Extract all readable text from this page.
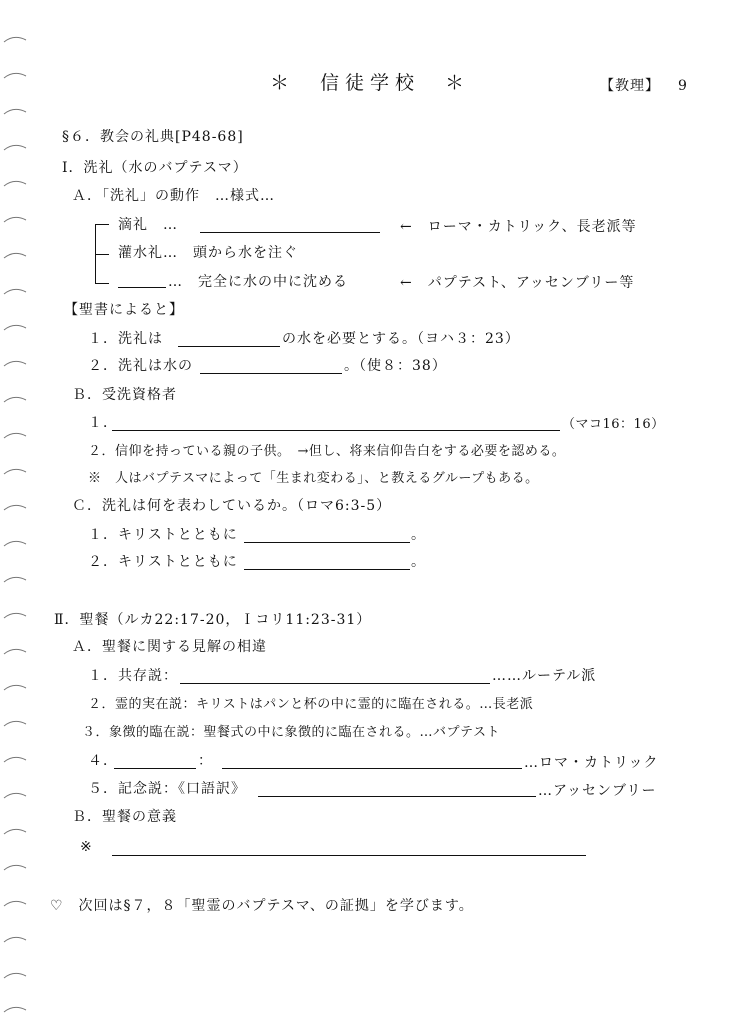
＊　信徒学校　＊	【教理】 9
§６．教会の礼典[P48-68]
Ⅰ．洗礼（水のバプテスマ）
Ａ．「洗礼」の動作　…様式…
滴礼　…	←　ローマ・カトリック、長老派等
灌水礼…　頭から水を注ぐ
…　完全に水の中に沈める	←　パプテスト、アッセンブリー等
【聖書によると】
１．洗礼は	の水を必要とする。（ヨハ３：23）
２．洗礼は水の	。（使８：38）
Ｂ．受洗資格者
１．	（マコ16：16）
２．信仰を持っている親の子供。　→但し、将来信仰告白をする必要を認める。
※　人はバプテスマによって「生まれ変わる」、と教えるグループもある。
Ｃ．洗礼は何を表わしているか。（ロマ6:3-5）
１．キリストとともに	。
２．キリストとともに	。
Ⅱ．聖餐（ルカ22:17-20，Ｉコリ11:23-31）
Ａ．聖餐に関する見解の相違
１．共存説：	……ルーテル派
２．霊的実在説：キリストはパンと杯の中に霊的に臨在される。…長老派
３．象徴的臨在説：聖餐式の中に象徴的に臨在される。…バプテスト
４．	：	…ロマ・カトリック
５．記念説：《口語訳》	…アッセンブリー
Ｂ．聖餐の意義
※
♡　次回は§７，８「聖霊のバプテスマ、の証拠」を学びます。
